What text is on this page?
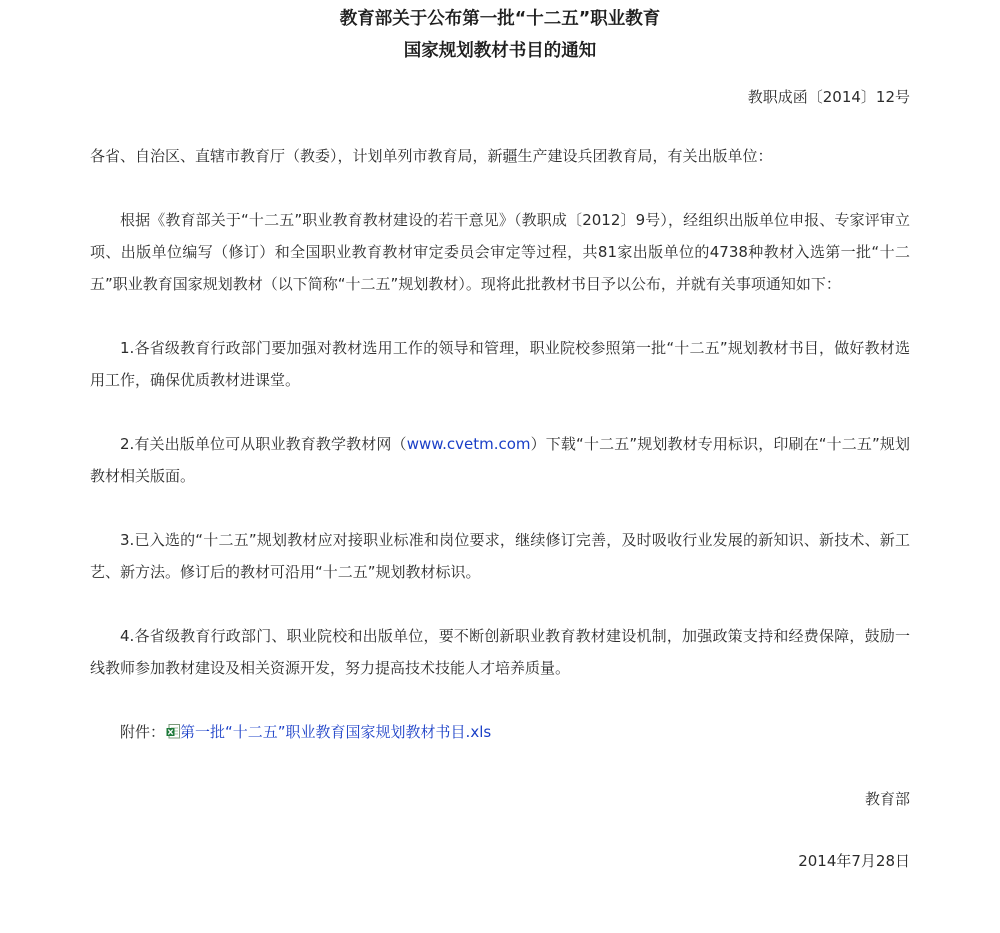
教育部关于公布第一批“十二五”职业教育
国家规划教材书目的通知
教职成函〔2014〕12号

各省、自治区、直辖市教育厅（教委），计划单列市教育局，新疆生产建设兵团教育局，有关出版单位：

根据《教育部关于“十二五”职业教育教材建设的若干意见》（教职成〔2012〕9号），经组织出版单位申报、专家评审立项、出版单位编写（修订）和全国职业教育教材审定委员会审定等过程，共81家出版单位的4738种教材入选第一批“十二五”职业教育国家规划教材（以下简称“十二五”规划教材）。现将此批教材书目予以公布，并就有关事项通知如下：

1.各省级教育行政部门要加强对教材选用工作的领导和管理，职业院校参照第一批“十二五”规划教材书目，做好教材选用工作，确保优质教材进课堂。

2.有关出版单位可从职业教育教学教材网（www.cvetm.com）下载“十二五”规划教材专用标识，印刷在“十二五”规划教材相关版面。

3.已入选的“十二五”规划教材应对接职业标准和岗位要求，继续修订完善，及时吸收行业发展的新知识、新技术、新工艺、新方法。修订后的教材可沿用“十二五”规划教材标识。

4.各省级教育行政部门、职业院校和出版单位，要不断创新职业教育教材建设机制，加强政策支持和经费保障，鼓励一线教师参加教材建设及相关资源开发，努力提高技术技能人才培养质量。

附件： 第一批“十二五”职业教育国家规划教材书目.xls
教育部
2014年7月28日
